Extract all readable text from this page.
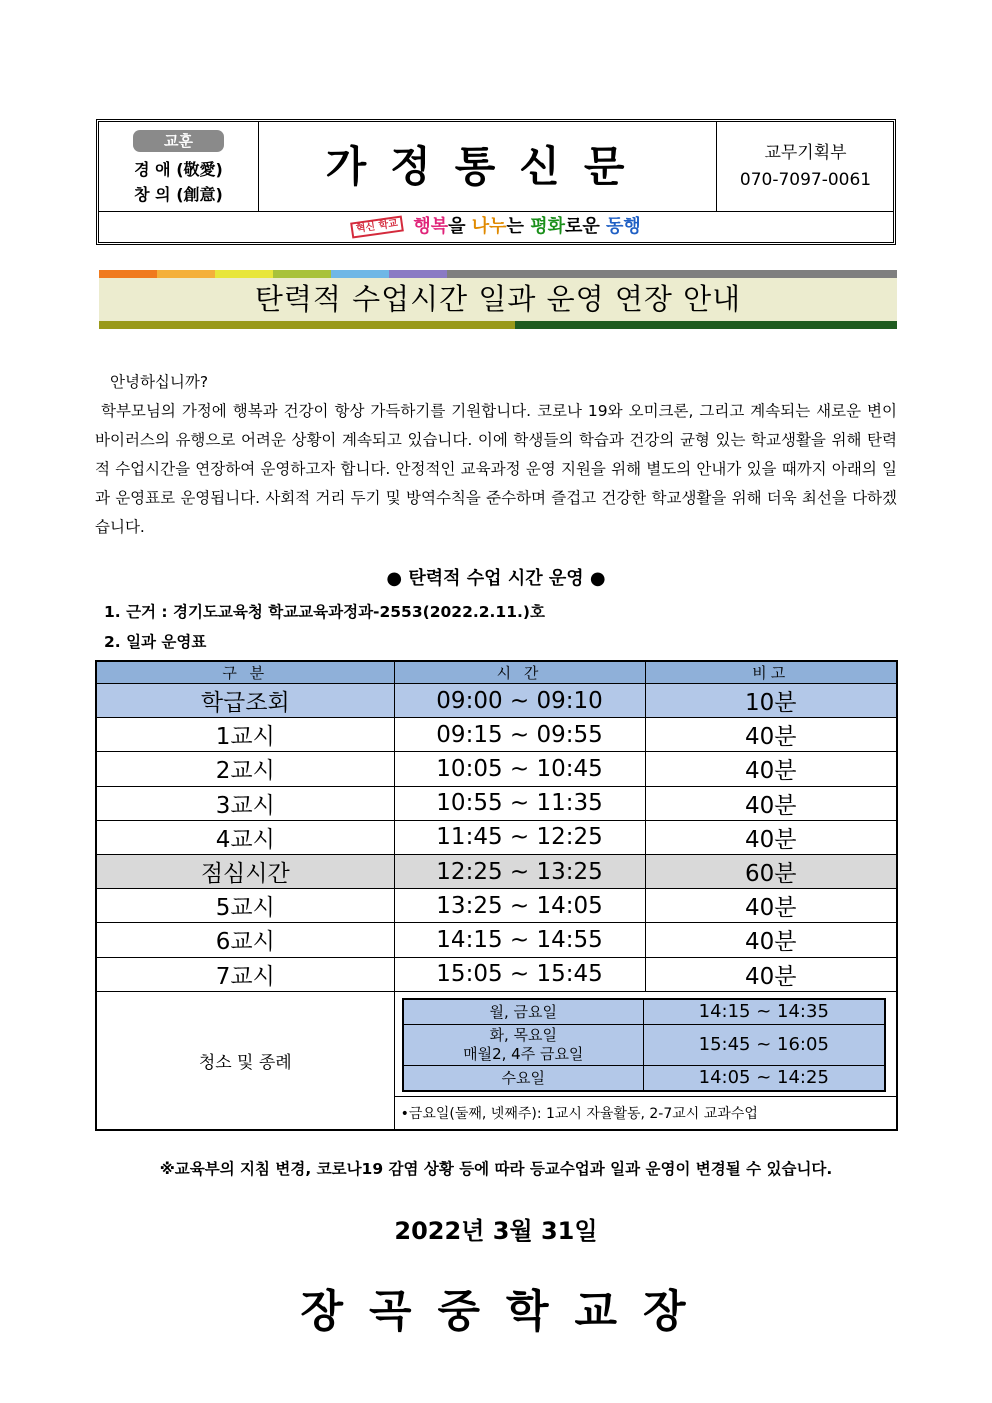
교훈
경 애 (敬愛)
창 의 (創意)
가정통신문	교무기획부
070-7097-0061
혁신 학교 행복을 나누는 평화로운 동행
탄력적 수업시간 일과 운영 연장 안내
안녕하십니까?
학부모님의 가정에 행복과 건강이 항상 가득하기를 기원합니다. 코로나 19와 오미크론, 그리고 계속되는 새로운 변이 바이러스의 유행으로 어려운 상황이 계속되고 있습니다. 이에 학생들의 학습과 건강의 균형 있는 학교생활을 위해 탄력적 수업시간을 연장하여 운영하고자 합니다. 안정적인 교육과정 운영 지원을 위해 별도의 안내가 있을 때까지 아래의 일과 운영표로 운영됩니다. 사회적 거리 두기 및 방역수칙을 준수하며 즐겁고 건강한 학교생활을 위해 더욱 최선을 다하겠습니다.
● 탄력적 수업 시간 운영 ●
1. 근거 : 경기도교육청 학교교육과정과-2553(2022.2.11.)호
2. 일과 운영표
구 분	시 간	비고
학급조회	09:00 ~ 09:10	10분
1교시	09:15 ~ 09:55	40분
2교시	10:05 ~ 10:45	40분
3교시	10:55 ~ 11:35	40분
4교시	11:45 ~ 12:25	40분
점심시간	12:25 ~ 13:25	60분
5교시	13:25 ~ 14:05	40분
6교시	14:15 ~ 14:55	40분
7교시	15:05 ~ 15:45	40분
청소 및 종례	
월, 금요일	14:15 ~ 14:35
화, 목요일
매월2, 4주 금요일	15:45 ~ 16:05
수요일	14:05 ~ 14:25
•금요일(둘째, 넷째주): 1교시 자율활동, 2-7교시 교과수업
※교육부의 지침 변경, 코로나19 감염 상황 등에 따라 등교수업과 일과 운영이 변경될 수 있습니다.
2022년 3월 31일
장곡중학교장
